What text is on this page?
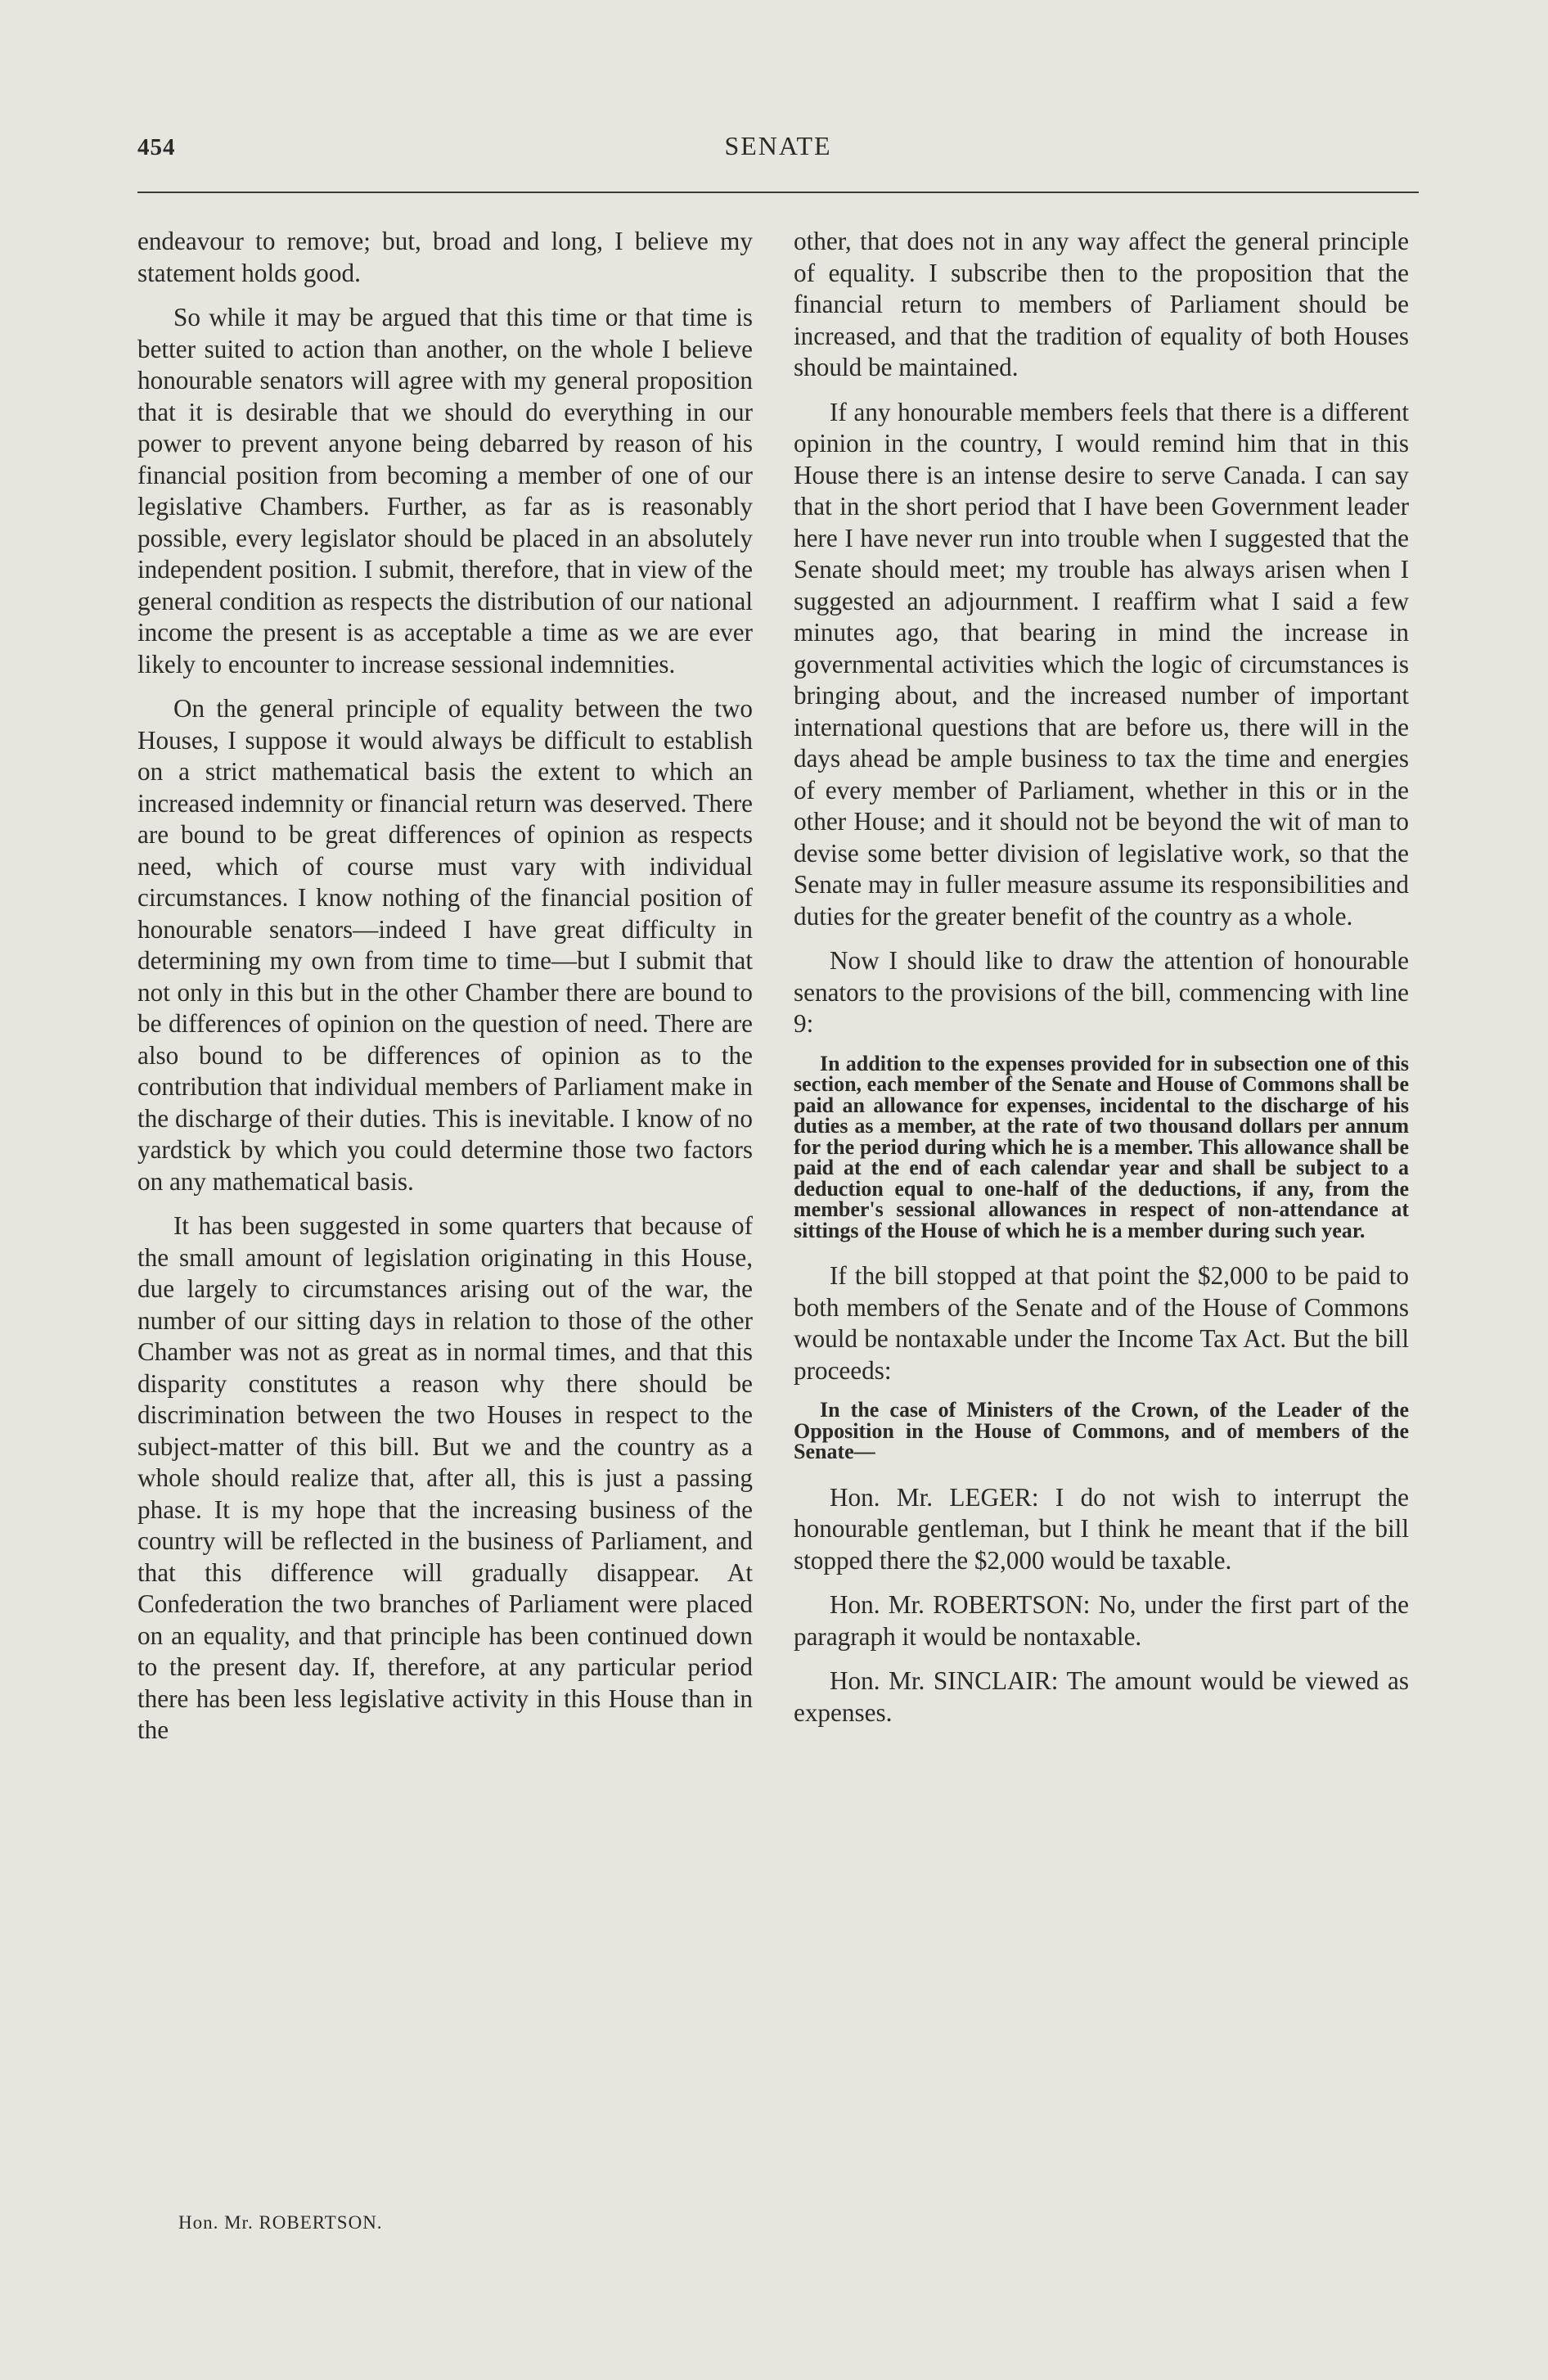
454	SENATE

endeavour to remove; but, broad and long, I believe my statement holds good.

So while it may be argued that this time or that time is better suited to action than another, on the whole I believe honourable senators will agree with my general proposition that it is desirable that we should do everything in our power to prevent anyone being debarred by reason of his financial position from becoming a member of one of our legislative Chambers. Further, as far as is reasonably possible, every legislator should be placed in an absolutely independent position. I submit, therefore, that in view of the general condition as respects the distribution of our national income the present is as acceptable a time as we are ever likely to encounter to increase sessional indemnities.

On the general principle of equality between the two Houses, I suppose it would always be difficult to establish on a strict mathematical basis the extent to which an increased indemnity or financial return was deserved. There are bound to be great differences of opinion as respects need, which of course must vary with individual circumstances. I know nothing of the financial position of honourable senators—indeed I have great difficulty in determining my own from time to time—but I submit that not only in this but in the other Chamber there are bound to be differences of opinion on the question of need. There are also bound to be differences of opinion as to the contribution that individual members of Parliament make in the discharge of their duties. This is inevitable. I know of no yardstick by which you could determine those two factors on any mathematical basis.

It has been suggested in some quarters that because of the small amount of legislation originating in this House, due largely to circumstances arising out of the war, the number of our sitting days in relation to those of the other Chamber was not as great as in normal times, and that this disparity constitutes a reason why there should be discrimination between the two Houses in respect to the subject-matter of this bill. But we and the country as a whole should realize that, after all, this is just a passing phase. It is my hope that the increasing business of the country will be reflected in the business of Parliament, and that this difference will gradually disappear. At Confederation the two branches of Parliament were placed on an equality, and that principle has been continued down to the present day. If, therefore, at any particular period there has been less legislative activity in this House than in the

Hon. Mr. ROBERTSON.

other, that does not in any way affect the general principle of equality. I subscribe then to the proposition that the financial return to members of Parliament should be increased, and that the tradition of equality of both Houses should be maintained.

If any honourable members feels that there is a different opinion in the country, I would remind him that in this House there is an intense desire to serve Canada. I can say that in the short period that I have been Government leader here I have never run into trouble when I suggested that the Senate should meet; my trouble has always arisen when I suggested an adjournment. I reaffirm what I said a few minutes ago, that bearing in mind the increase in governmental activities which the logic of circumstances is bringing about, and the increased number of important international questions that are before us, there will in the days ahead be ample business to tax the time and energies of every member of Parliament, whether in this or in the other House; and it should not be beyond the wit of man to devise some better division of legislative work, so that the Senate may in fuller measure assume its responsibilities and duties for the greater benefit of the country as a whole.

Now I should like to draw the attention of honourable senators to the provisions of the bill, commencing with line 9:

In addition to the expenses provided for in subsection one of this section, each member of the Senate and House of Commons shall be paid an allowance for expenses, incidental to the discharge of his duties as a member, at the rate of two thousand dollars per annum for the period during which he is a member. This allowance shall be paid at the end of each calendar year and shall be subject to a deduction equal to one-half of the deductions, if any, from the member's sessional allowances in respect of non-attendance at sittings of the House of which he is a member during such year.

If the bill stopped at that point the $2,000 to be paid to both members of the Senate and of the House of Commons would be nontaxable under the Income Tax Act. But the bill proceeds:

In the case of Ministers of the Crown, of the Leader of the Opposition in the House of Commons, and of members of the Senate—

Hon. Mr. LEGER: I do not wish to interrupt the honourable gentleman, but I think he meant that if the bill stopped there the $2,000 would be taxable.

Hon. Mr. ROBERTSON: No, under the first part of the paragraph it would be nontaxable.

Hon. Mr. SINCLAIR: The amount would be viewed as expenses.
